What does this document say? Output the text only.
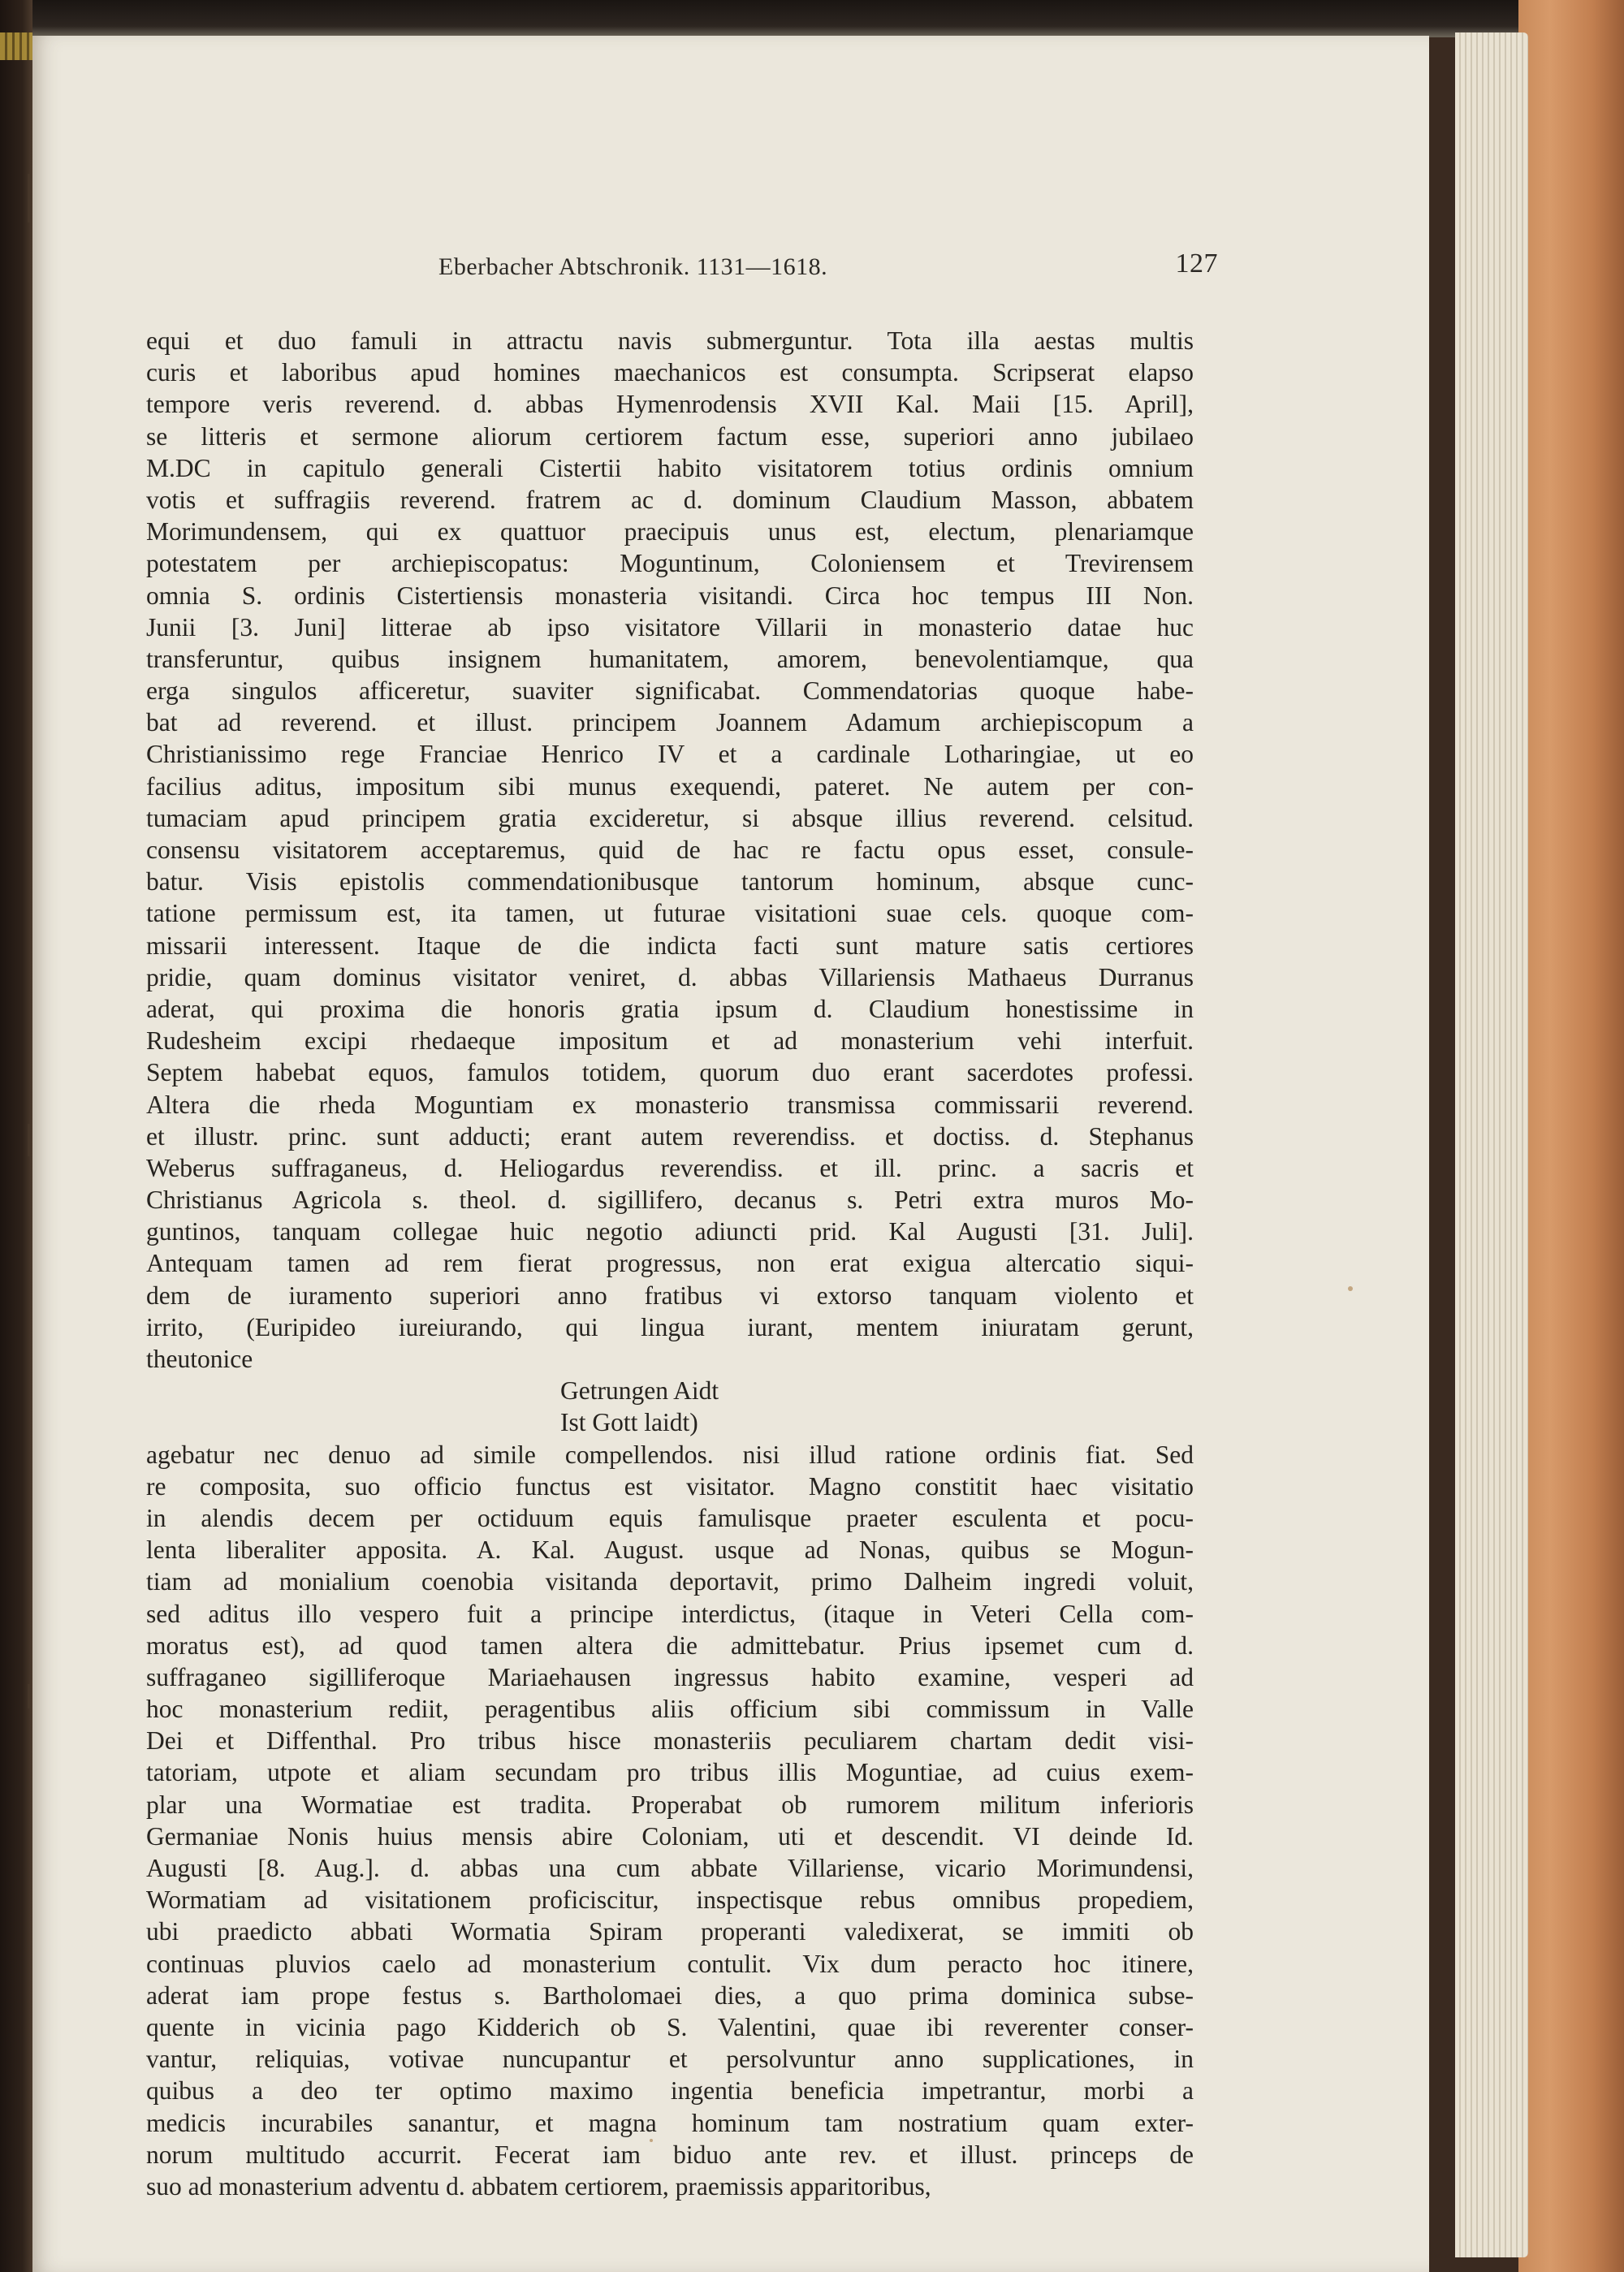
Eberbacher Abtschronik. 1131—1618.	127
equi et duo famuli in attractu navis submerguntur. Tota illa aestas multis
curis et laboribus apud homines maechanicos est consumpta. Scripserat elapso
tempore veris reverend. d. abbas Hymenrodensis XVII Kal. Maii [15. April],
se litteris et sermone aliorum certiorem factum esse, superiori anno jubilaeo
M.DC in capitulo generali Cistertii habito visitatorem totius ordinis omnium
votis et suffragiis reverend. fratrem ac d. dominum Claudium Masson, abbatem
Morimundensem, qui ex quattuor praecipuis unus est, electum, plenariamque
potestatem per archiepiscopatus: Moguntinum, Coloniensem et Trevirensem
omnia S. ordinis Cistertiensis monasteria visitandi. Circa hoc tempus III Non.
Junii [3. Juni] litterae ab ipso visitatore Villarii in monasterio datae huc
transferuntur, quibus insignem humanitatem, amorem, benevolentiamque, qua
erga singulos afficeretur, suaviter significabat. Commendatorias quoque habe-
bat ad reverend. et illust. principem Joannem Adamum archiepiscopum a
Christianissimo rege Franciae Henrico IV et a cardinale Lotharingiae, ut eo
facilius aditus, impositum sibi munus exequendi, pateret. Ne autem per con-
tumaciam apud principem gratia excideretur, si absque illius reverend. celsitud.
consensu visitatorem acceptaremus, quid de hac re factu opus esset, consule-
batur. Visis epistolis commendationibusque tantorum hominum, absque cunc-
tatione permissum est, ita tamen, ut futurae visitationi suae cels. quoque com-
missarii interessent. Itaque de die indicta facti sunt mature satis certiores
pridie, quam dominus visitator veniret, d. abbas Villariensis Mathaeus Durranus
aderat, qui proxima die honoris gratia ipsum d. Claudium honestissime in
Rudesheim excipi rhedaeque impositum et ad monasterium vehi interfuit.
Septem habebat equos, famulos totidem, quorum duo erant sacerdotes professi.
Altera die rheda Moguntiam ex monasterio transmissa commissarii reverend.
et illustr. princ. sunt adducti; erant autem reverendiss. et doctiss. d. Stephanus
Weberus suffraganeus, d. Heliogardus reverendiss. et ill. princ. a sacris et
Christianus Agricola s. theol. d. sigillifero, decanus s. Petri extra muros Mo-
guntinos, tanquam collegae huic negotio adiuncti prid. Kal Augusti [31. Juli].
Antequam tamen ad rem fierat progressus, non erat exigua altercatio siqui-
dem de iuramento superiori anno fratibus vi extorso tanquam violento et
irrito, (Euripideo iureiurando, qui lingua iurant, mentem iniuratam gerunt,
theutonice
Getrungen Aidt
Ist Gott laidt)
agebatur nec denuo ad simile compellendos. nisi illud ratione ordinis fiat. Sed
re composita, suo officio functus est visitator. Magno constitit haec visitatio
in alendis decem per octiduum equis famulisque praeter esculenta et pocu-
lenta liberaliter apposita. A. Kal. August. usque ad Nonas, quibus se Mogun-
tiam ad monialium coenobia visitanda deportavit, primo Dalheim ingredi voluit,
sed aditus illo vespero fuit a principe interdictus, (itaque in Veteri Cella com-
moratus est), ad quod tamen altera die admittebatur. Prius ipsemet cum d.
suffraganeo sigilliferoque Mariaehausen ingressus habito examine, vesperi ad
hoc monasterium rediit, peragentibus aliis officium sibi commissum in Valle
Dei et Diffenthal. Pro tribus hisce monasteriis peculiarem chartam dedit visi-
tatoriam, utpote et aliam secundam pro tribus illis Moguntiae, ad cuius exem-
plar una Wormatiae est tradita. Properabat ob rumorem militum inferioris
Germaniae Nonis huius mensis abire Coloniam, uti et descendit. VI deinde Id.
Augusti [8. Aug.]. d. abbas una cum abbate Villariense, vicario Morimundensi,
Wormatiam ad visitationem proficiscitur, inspectisque rebus omnibus propediem,
ubi praedicto abbati Wormatia Spiram properanti valedixerat, se immiti ob
continuas pluvios caelo ad monasterium contulit. Vix dum peracto hoc itinere,
aderat iam prope festus s. Bartholomaei dies, a quo prima dominica subse-
quente in vicinia pago Kidderich ob S. Valentini, quae ibi reverenter conser-
vantur, reliquias, votivae nuncupantur et persolvuntur anno supplicationes, in
quibus a deo ter optimo maximo ingentia beneficia impetrantur, morbi a
medicis incurabiles sanantur, et magna hominum tam nostratium quam exter-
norum multitudo accurrit. Fecerat iam biduo ante rev. et illust. princeps de
suo ad monasterium adventu d. abbatem certiorem, praemissis apparitoribus,
